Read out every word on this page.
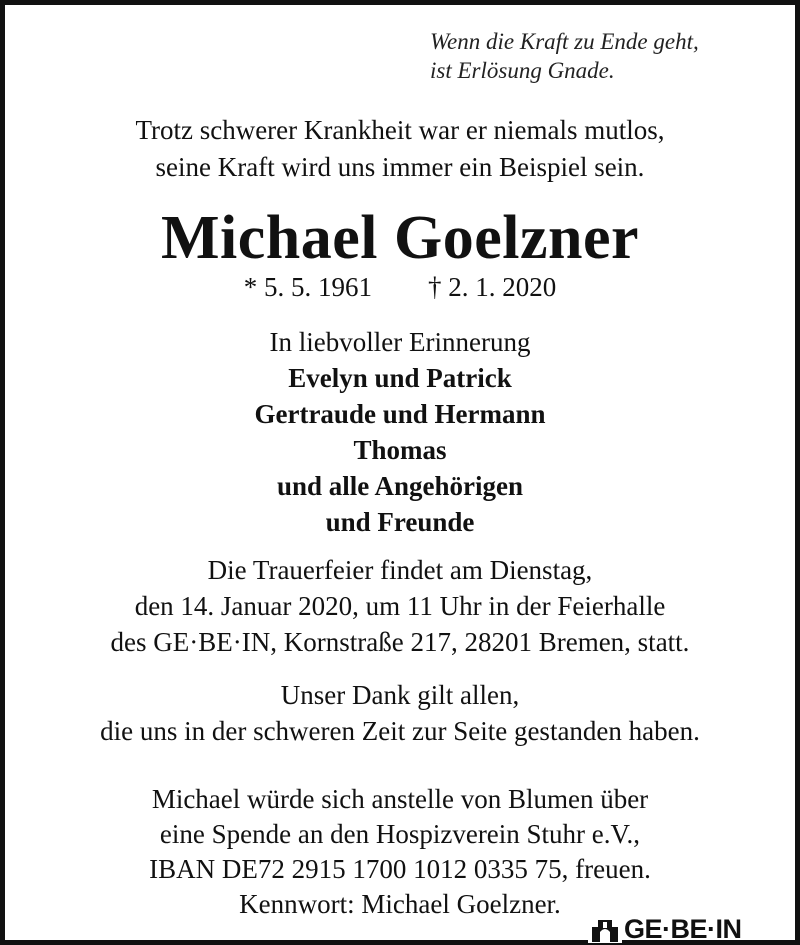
Wenn die Kraft zu Ende geht,
ist Erlösung Gnade.
Trotz schwerer Krankheit war er niemals mutlos,
seine Kraft wird uns immer ein Beispiel sein.
Michael Goelzner
* 5. 5. 1961 † 2. 1. 2020
In liebvoller Erinnerung
Evelyn und Patrick
Gertraude und Hermann
Thomas
und alle Angehörigen
und Freunde
Die Trauerfeier findet am Dienstag,
den 14. Januar 2020, um 11 Uhr in der Feierhalle
des GE·BE·IN, Kornstraße 217, 28201 Bremen, statt.
Unser Dank gilt allen,
die uns in der schweren Zeit zur Seite gestanden haben.
Michael würde sich anstelle von Blumen über
eine Spende an den Hospizverein Stuhr e.V.,
IBAN DE72 2915 1700 1012 0335 75, freuen.
Kennwort: Michael Goelzner.
GE·BE·IN
